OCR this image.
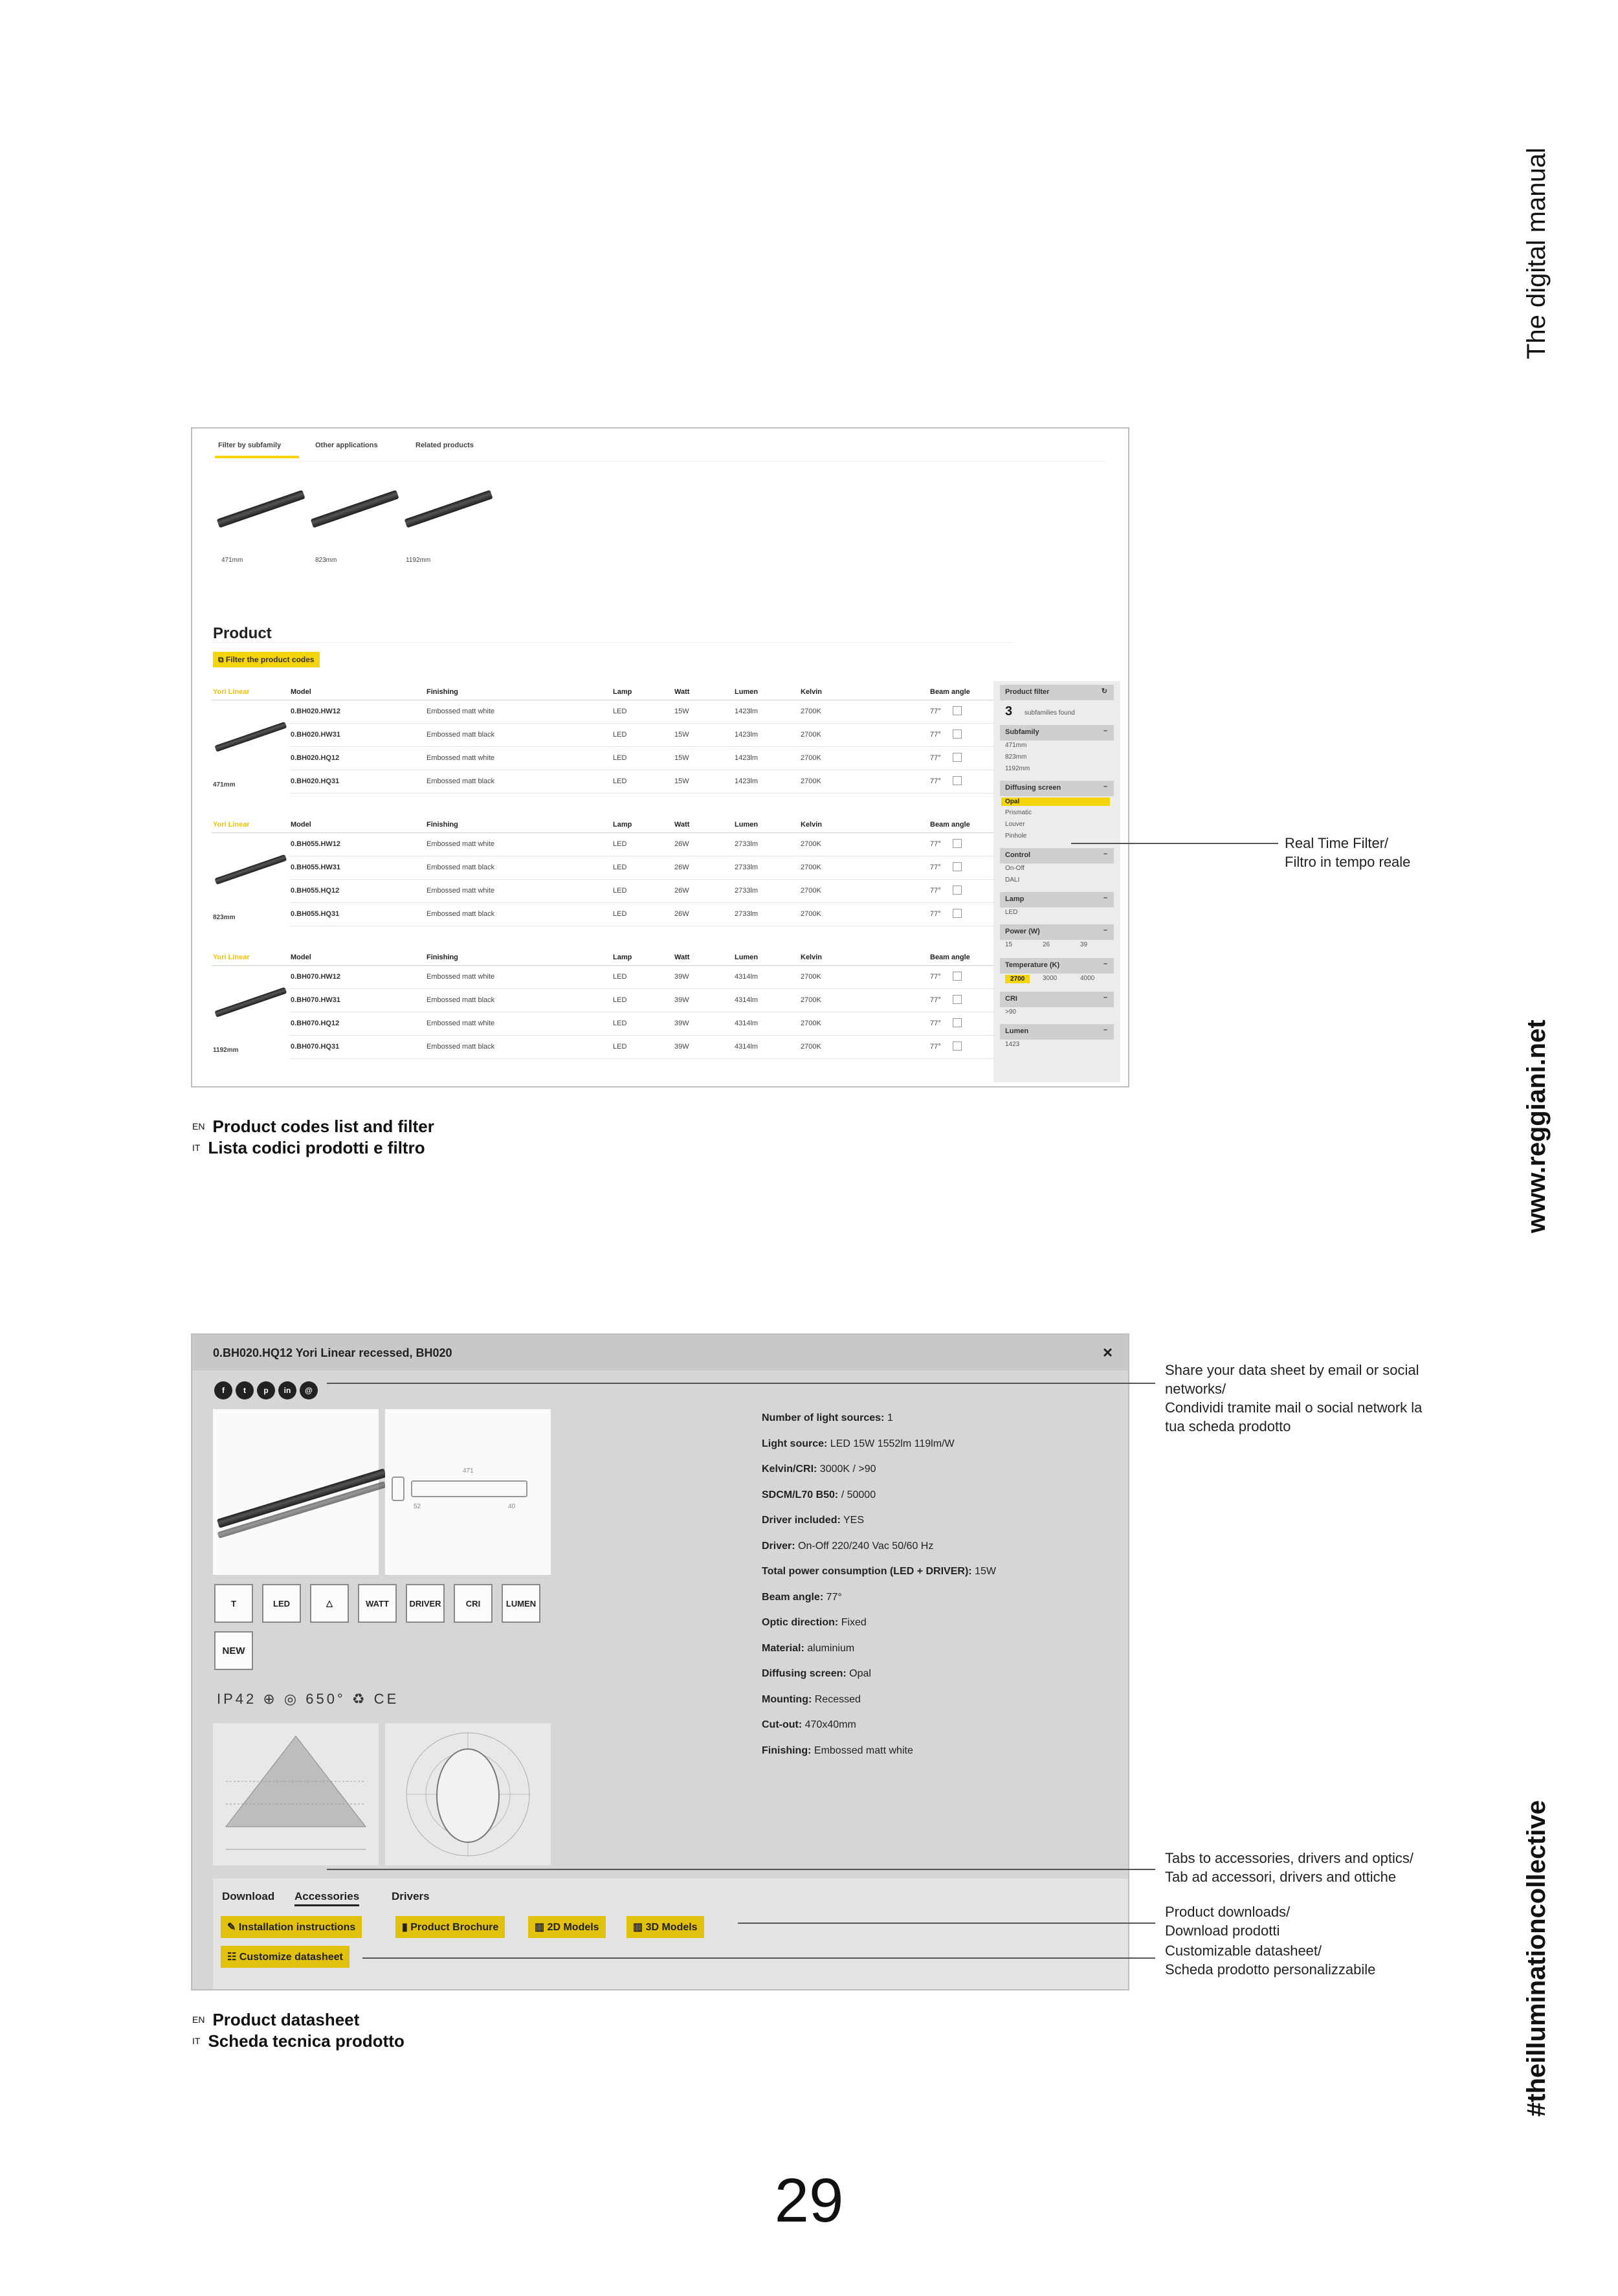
The digital manual
www.reggiani.net
#theilluminationcollective
Filter by subfamily	Other applications	Related products
471mm	823mm	1192mm
Product
⧉ Filter the product codes
Yori Linear	Model	Finishing	Lamp	Watt	Lumen	Kelvin	Beam angle
471mm
0.BH020.HW12	Embossed matt white	LED	15W	1423lm	2700K	77°
0.BH020.HW31	Embossed matt black	LED	15W	1423lm	2700K	77°
0.BH020.HQ12	Embossed matt white	LED	15W	1423lm	2700K	77°
0.BH020.HQ31	Embossed matt black	LED	15W	1423lm	2700K	77°
Yori Linear	Model	Finishing	Lamp	Watt	Lumen	Kelvin	Beam angle
823mm
0.BH055.HW12	Embossed matt white	LED	26W	2733lm	2700K	77°
0.BH055.HW31	Embossed matt black	LED	26W	2733lm	2700K	77°
0.BH055.HQ12	Embossed matt white	LED	26W	2733lm	2700K	77°
0.BH055.HQ31	Embossed matt black	LED	26W	2733lm	2700K	77°
Yori Linear	Model	Finishing	Lamp	Watt	Lumen	Kelvin	Beam angle
1192mm
0.BH070.HW12	Embossed matt white	LED	39W	4314lm	2700K	77°
0.BH070.HW31	Embossed matt black	LED	39W	4314lm	2700K	77°
0.BH070.HQ12	Embossed matt white	LED	39W	4314lm	2700K	77°
0.BH070.HQ31	Embossed matt black	LED	39W	4314lm	2700K	77°
Product filter	↻
3 subfamilies found
Subfamily	–
471mm
823mm
1192mm
Diffusing screen	–
Opal
Prismatic
Louver
Pinhole
Control	–
On-Off
DALI
Lamp	–
LED
Power (W)	–
15	26	39
Temperature (K)	–
2700	3000	4000
CRI	–
>90
Lumen	–
1423
Real Time Filter/
Filtro in tempo reale
$^{EN}$ Product codes list and filter
$^{IT}$ Lista codici prodotti e filtro
0.BH020.HQ12 Yori Linear recessed, BH020	×
f	t	p	in	@
471
52	40
T	LED	△	WATT	DRIVER	CRI	LUMEN
NEW
IP42 ⊕ ◎ 650° ♻ CE
Number of light sources: 1
Light source: LED 15W 1552lm 119lm/W
Kelvin/CRI: 3000K / >90
SDCM/L70 B50: / 50000
Driver included: YES
Driver: On-Off 220/240 Vac 50/60 Hz
Total power consumption (LED + DRIVER): 15W
Beam angle: 77°
Optic direction: Fixed
Material: aluminium
Diffusing screen: Opal
Mounting: Recessed
Cut-out: 470x40mm
Finishing: Embossed matt white
Download Accessories	Drivers
✎ Installation instructions	▮ Product Brochure	▥ 2D Models	▥ 3D Models
☷ Customize datasheet
Share your data sheet by email or social
networks/
Condividi tramite mail o social network la
tua scheda prodotto
Tabs to accessories, drivers and optics/
Tab ad accessori, drivers and ottiche
Product downloads/
Download prodotti
Customizable datasheet/
Scheda prodotto personalizzabile
$^{EN}$ Product datasheet
$^{IT}$ Scheda tecnica prodotto
29
